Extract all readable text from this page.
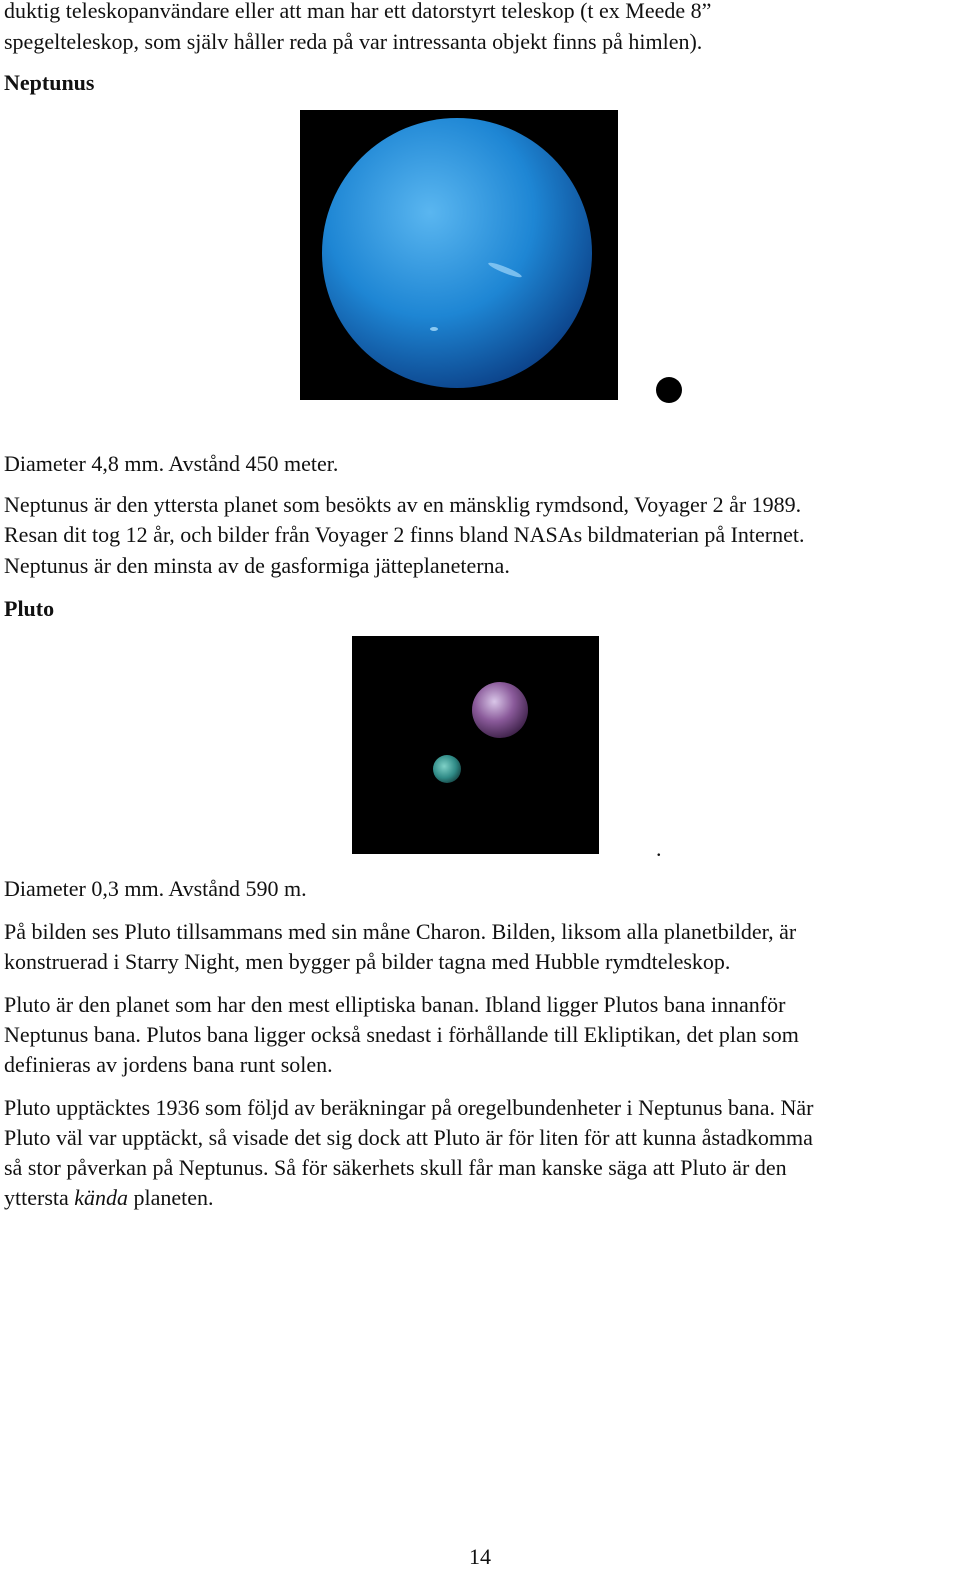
duktig teleskopanvändare eller att man har ett datorstyrt teleskop (t ex Meede 8”
spegelteleskop, som själv håller reda på var intressanta objekt finns på himlen).
Neptunus
Diameter 4,8 mm. Avstånd 450 meter.
Neptunus är den yttersta planet som besökts av en mänsklig rymdsond, Voyager 2 år 1989.
Resan dit tog 12 år, och bilder från Voyager 2 finns bland NASAs bildmaterian på Internet.
Neptunus är den minsta av de gasformiga jätteplaneterna.
Pluto
.
Diameter 0,3 mm. Avstånd 590 m.
På bilden ses Pluto tillsammans med sin måne Charon. Bilden, liksom alla planetbilder, är
konstruerad i Starry Night, men bygger på bilder tagna med Hubble rymdteleskop.
Pluto är den planet som har den mest elliptiska banan. Ibland ligger Plutos bana innanför
Neptunus bana. Plutos bana ligger också snedast i förhållande till Ekliptikan, det plan som
definieras av jordens bana runt solen.
Pluto upptäcktes 1936 som följd av beräkningar på oregelbundenheter i Neptunus bana. När
Pluto väl var upptäckt, så visade det sig dock att Pluto är för liten för att kunna åstadkomma
så stor påverkan på Neptunus. Så för säkerhets skull får man kanske säga att Pluto är den
yttersta kända planeten.
14
